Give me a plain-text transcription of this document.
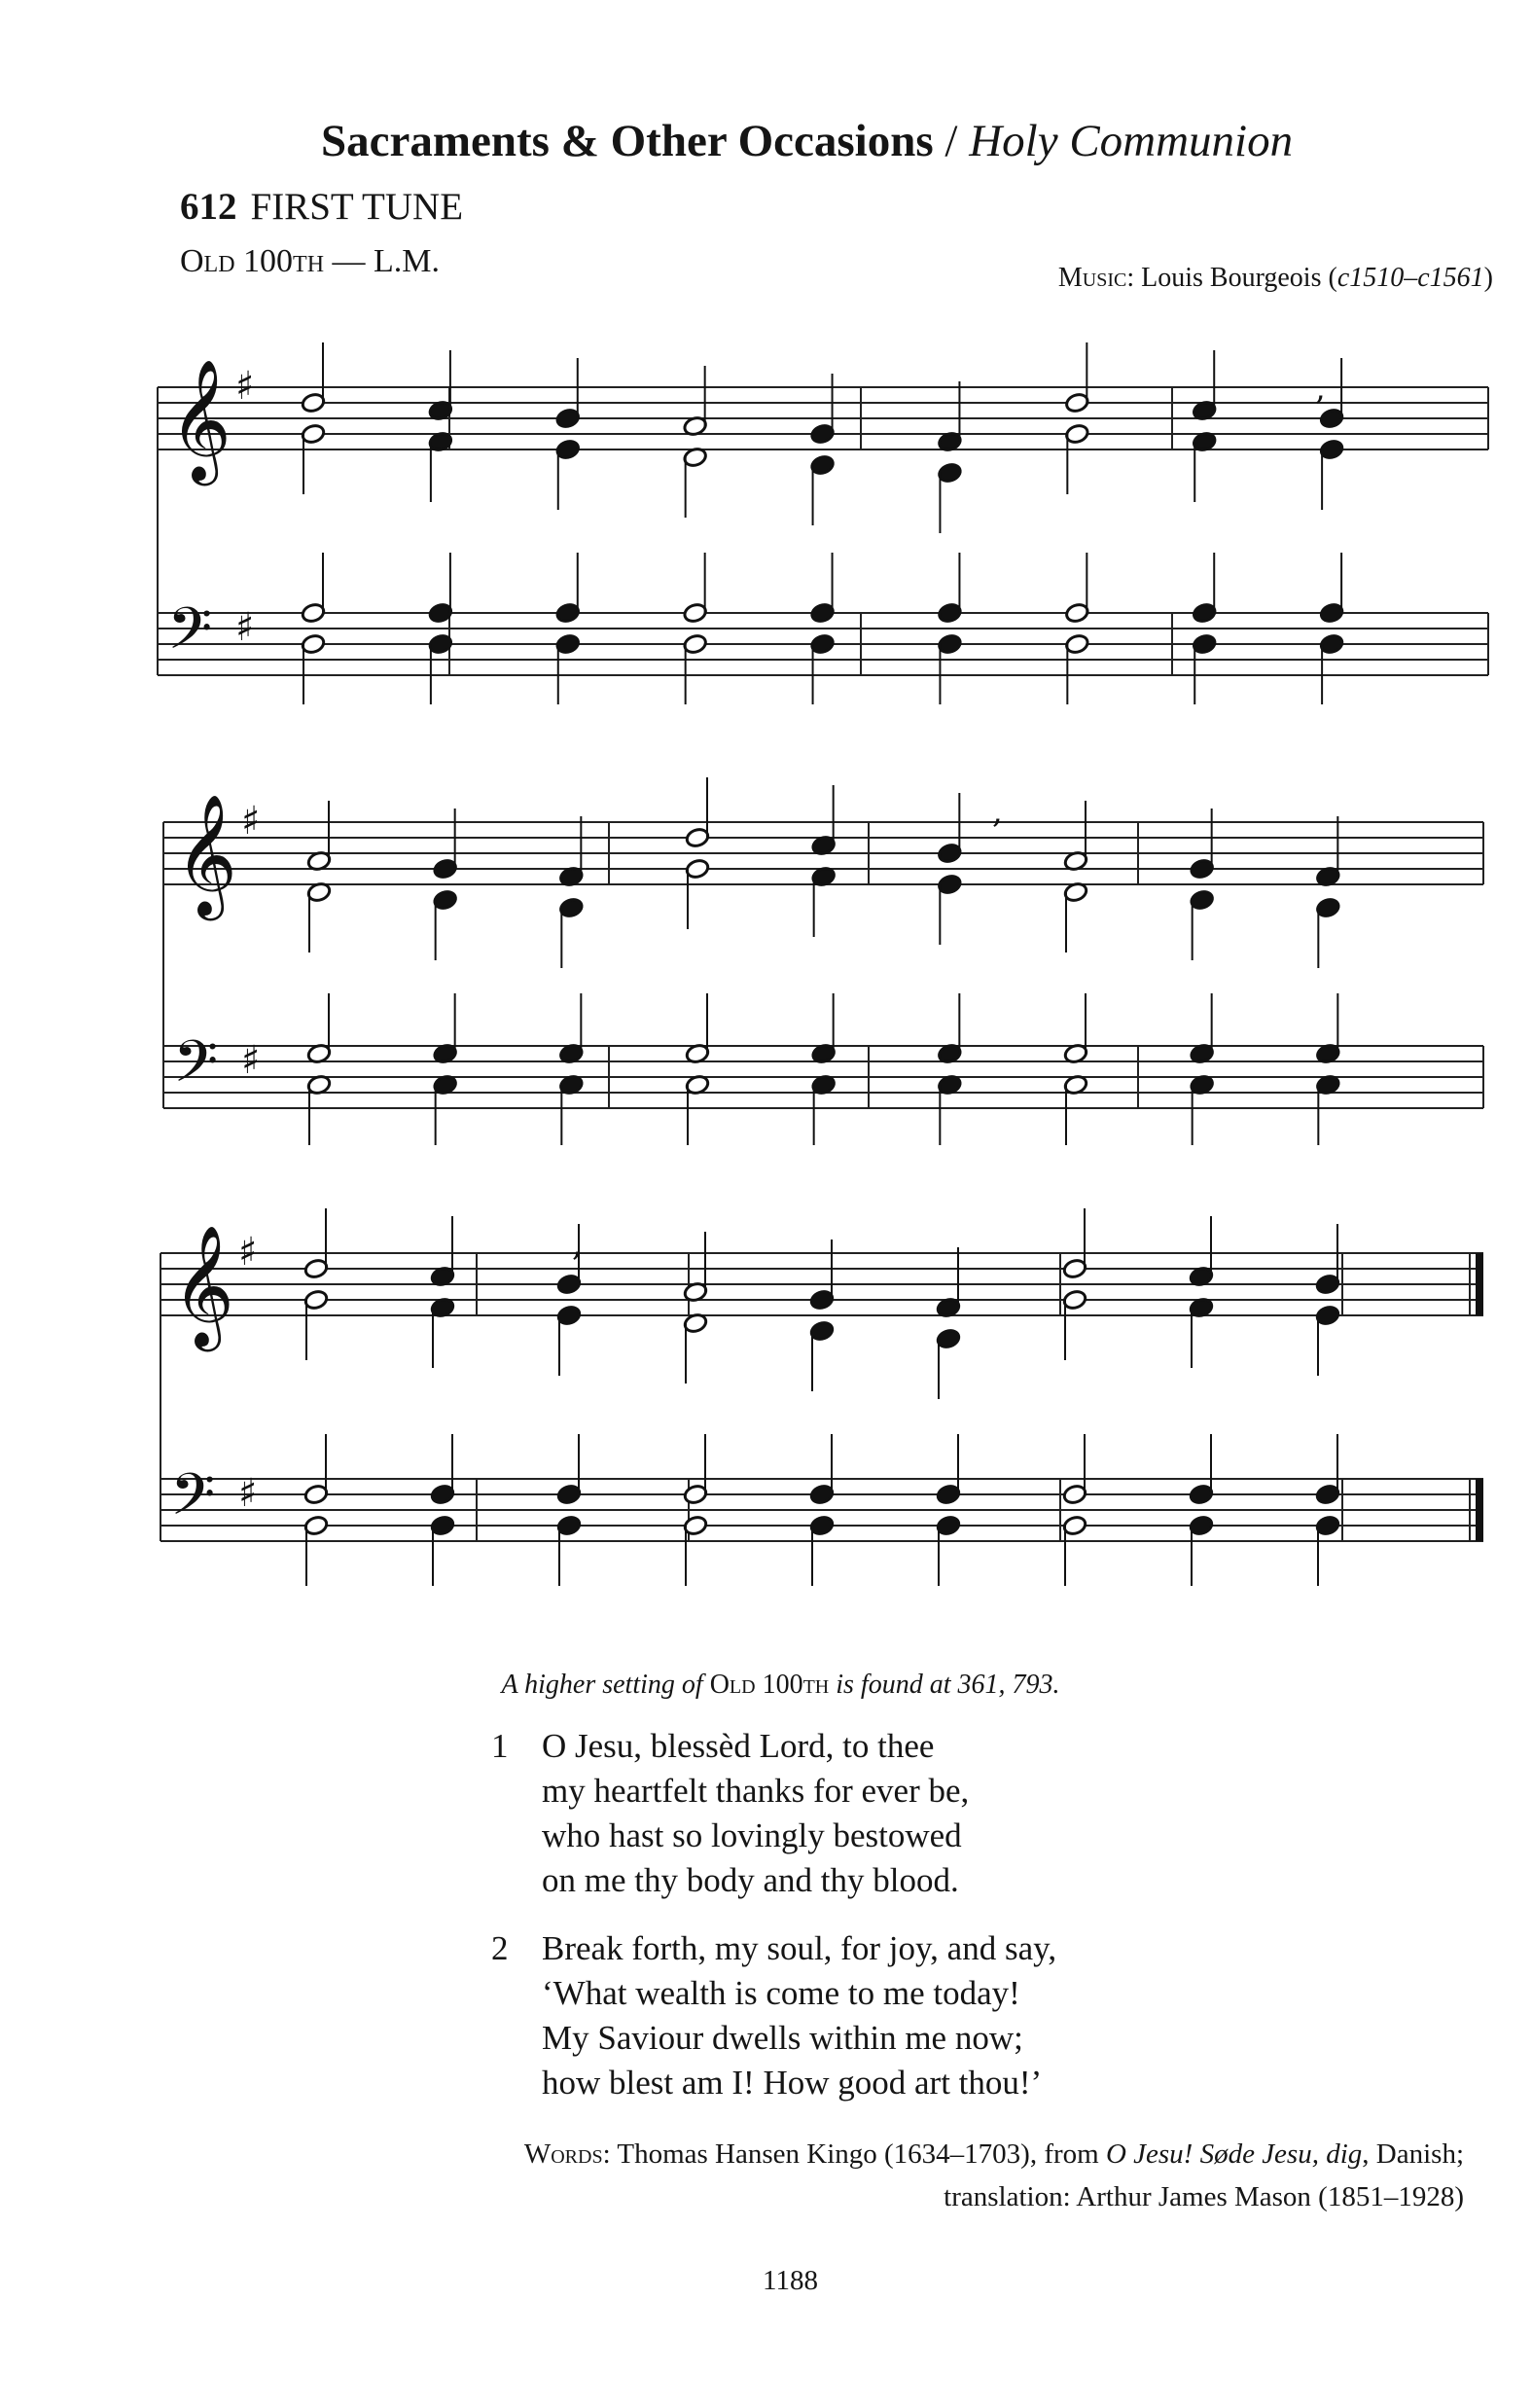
Sacraments & Other Occasions / Holy Communion
612 FIRST TUNE
Old 100th — L.M.	Music: Louis Bourgeois (c1510–c1561)
𝄞 ♯
𝄢 ♯
𝄞 ♯
𝄢 ♯
𝄞 ♯
𝄢 ♯
,
,
,
A higher setting of Old 100th is found at 361, 793.
1 O Jesu, blessèd Lord, to thee
my heartfelt thanks for ever be,
who hast so lovingly bestowed
on me thy body and thy blood.
2 Break forth, my soul, for joy, and say,
‘What wealth is come to me today!
My Saviour dwells within me now;
how blest am I! How good art thou!’
Words: Thomas Hansen Kingo (1634–1703), from O Jesu! Søde Jesu, dig, Danish;
translation: Arthur James Mason (1851–1928)
1188
